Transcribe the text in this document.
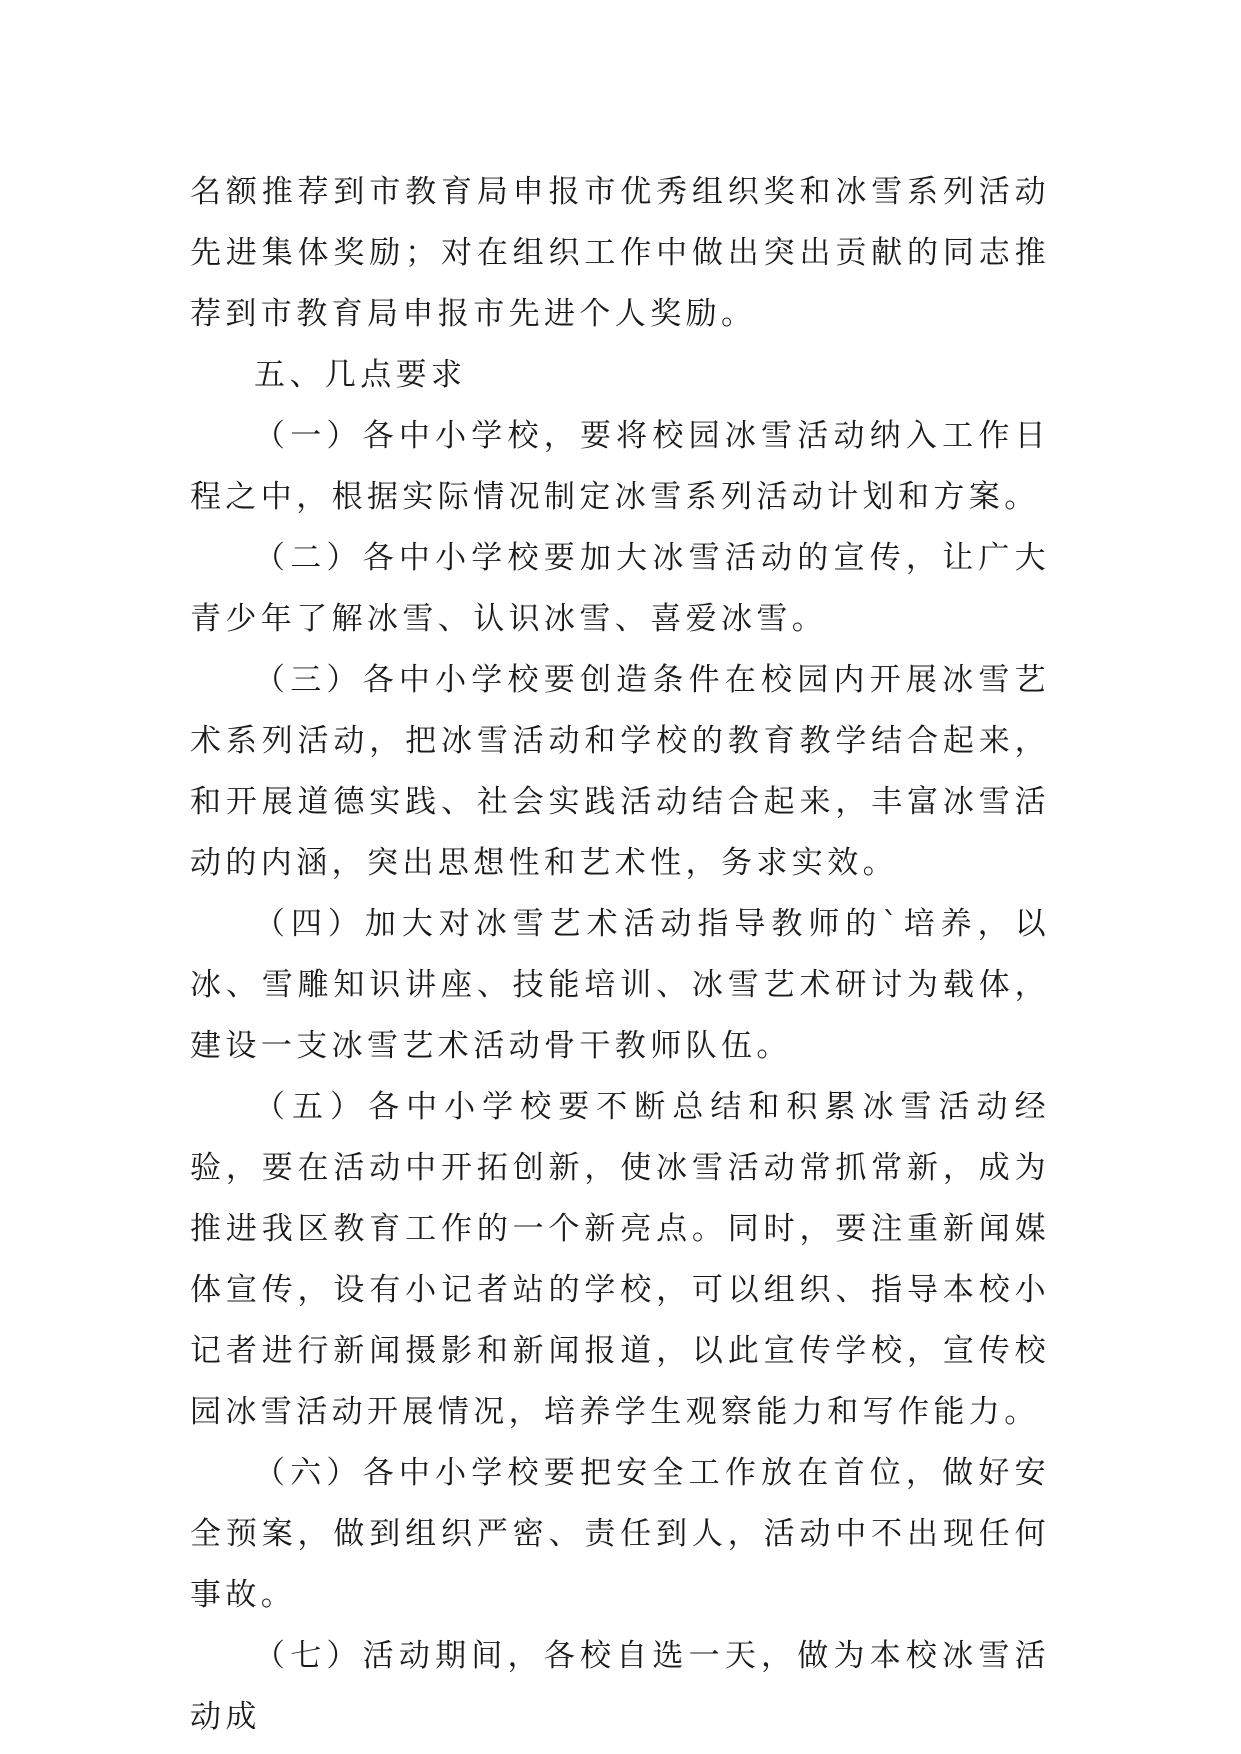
名额推荐到市教育局申报市优秀组织奖和冰雪系列活动先进集体奖励；对在组织工作中做出突出贡献的同志推荐到市教育局申报市先进个人奖励。

五、几点要求

（一）各中小学校，要将校园冰雪活动纳入工作日程之中，根据实际情况制定冰雪系列活动计划和方案。

（二）各中小学校要加大冰雪活动的宣传，让广大青少年了解冰雪、认识冰雪、喜爱冰雪。

（三）各中小学校要创造条件在校园内开展冰雪艺术系列活动，把冰雪活动和学校的教育教学结合起来，和开展道德实践、社会实践活动结合起来，丰富冰雪活动的内涵，突出思想性和艺术性，务求实效。

（四）加大对冰雪艺术活动指导教师的`培养，以冰、雪雕知识讲座、技能培训、冰雪艺术研讨为载体，建设一支冰雪艺术活动骨干教师队伍。

（五）各中小学校要不断总结和积累冰雪活动经验，要在活动中开拓创新，使冰雪活动常抓常新，成为推进我区教育工作的一个新亮点。同时，要注重新闻媒体宣传，设有小记者站的学校，可以组织、指导本校小记者进行新闻摄影和新闻报道，以此宣传学校，宣传校园冰雪活动开展情况，培养学生观察能力和写作能力。

（六）各中小学校要把安全工作放在首位，做好安全预案，做到组织严密、责任到人，活动中不出现任何事故。

（七）活动期间，各校自选一天，做为本校冰雪活动成
